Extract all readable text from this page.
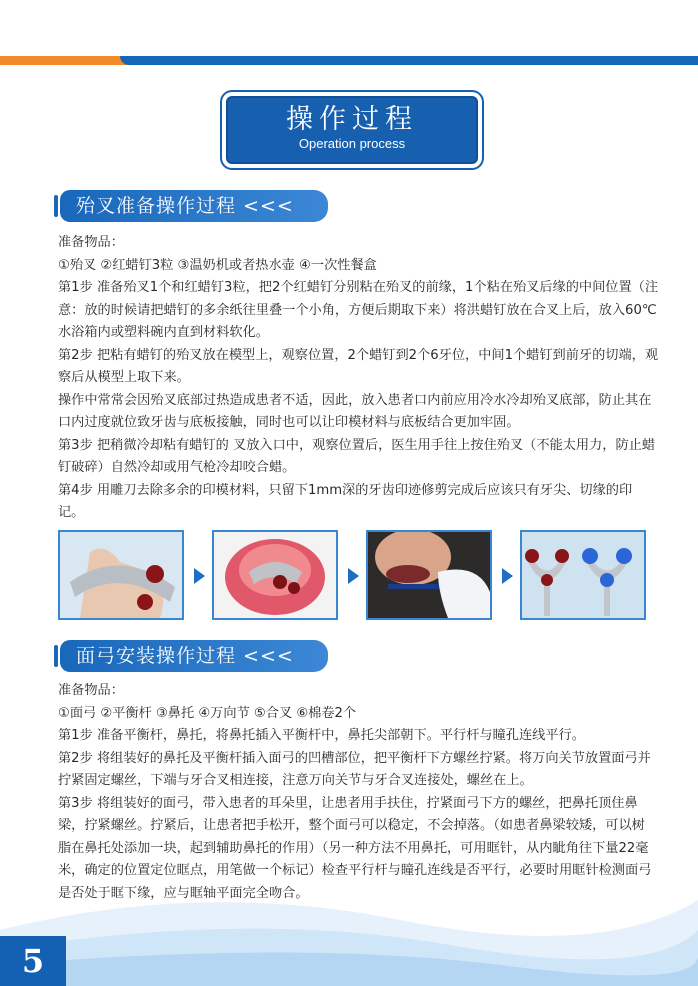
操作过程
Operation process
殆叉准备操作过程 <<<

准备物品：

①殆叉 ②红蜡钉3粒 ③温奶机或者热水壶 ④一次性餐盒

第1步 准备殆叉1个和红蜡钉3粒，把2个红蜡钉分别粘在殆叉的前缘，1个粘在殆叉后缘的中间位置（注意：放的时候请把蜡钉的多余纸往里叠一个小角，方便后期取下来）将洪蜡钉放在合叉上后，放入60℃水浴箱内或塑料碗内直到材料软化。

第2步 把粘有蜡钉的殆叉放在模型上，观察位置，2个蜡钉到2个6牙位，中间1个蜡钉到前牙的切端，观察后从模型上取下来。

操作中常常会因殆叉底部过热造成患者不适，因此，放入患者口内前应用冷水冷却殆叉底部，防止其在口内过度就位致牙齿与底板接触，同时也可以让印模材料与底板结合更加牢固。

第3步 把稍微冷却粘有蜡钉的 叉放入口中，观察位置后，医生用手往上按住殆叉（不能太用力，防止蜡钉破碎）自然冷却或用气枪冷却咬合蜡。

第4步 用雕刀去除多余的印模材料，只留下1mm深的牙齿印迹修剪完成后应该只有牙尖、切缘的印记。

面弓安装操作过程 <<<

准备物品：

①面弓 ②平衡杆 ③鼻托 ④万向节 ⑤合叉 ⑥棉卷2个

第1步 准备平衡杆，鼻托，将鼻托插入平衡杆中，鼻托尖部朝下。平行杆与瞳孔连线平行。

第2步 将组装好的鼻托及平衡杆插入面弓的凹槽部位，把平衡杆下方螺丝拧紧。将万向关节放置面弓并拧紧固定螺丝，下端与牙合叉相连接，注意万向关节与牙合叉连接处，螺丝在上。

第3步 将组装好的面弓，带入患者的耳朵里，让患者用手扶住，拧紧面弓下方的螺丝，把鼻托顶住鼻梁，拧紧螺丝。拧紧后，让患者把手松开，整个面弓可以稳定，不会掉落。（如患者鼻梁较矮，可以树脂在鼻托处添加一块，起到辅助鼻托的作用）（另一种方法不用鼻托，可用眶针，从内眦角往下量22毫米，确定的位置定位眶点，用笔做一个标记）检查平行杆与瞳孔连线是否平行，必要时用眶针检测面弓是否处于眶下缘，应与眶轴平面完全吻合。

5
